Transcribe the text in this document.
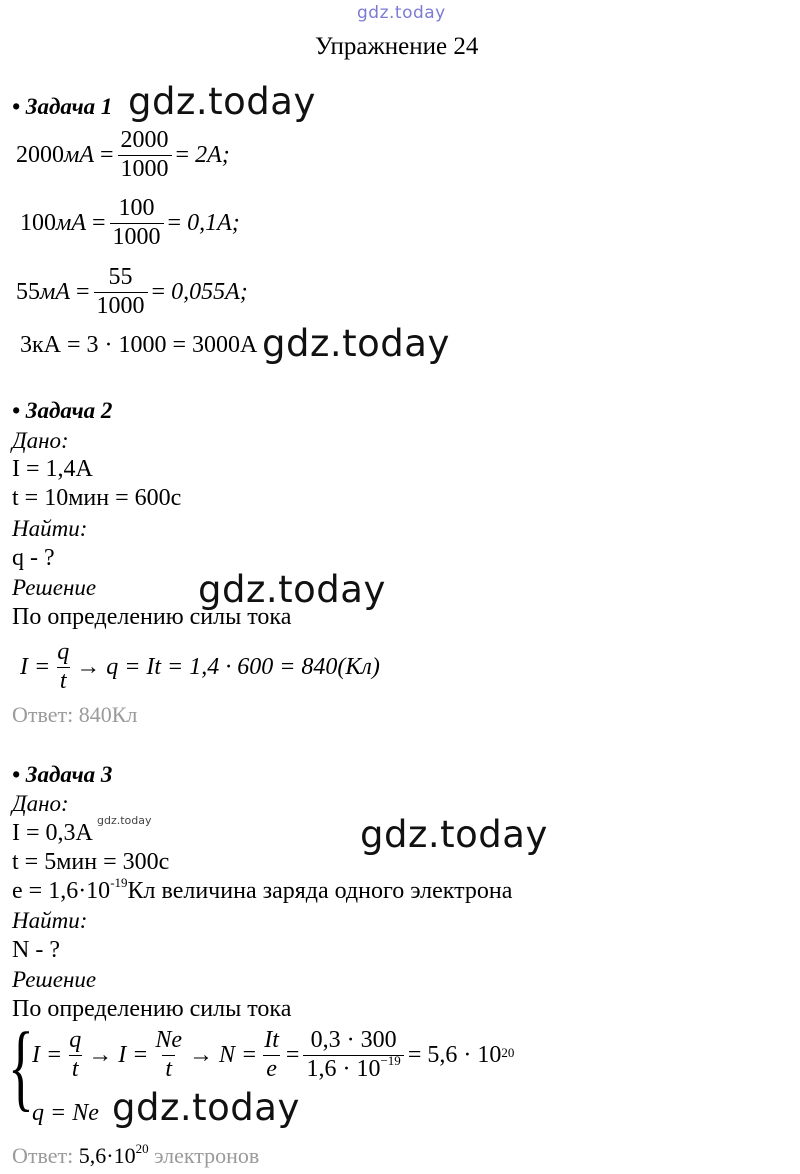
gdz.today
Упражнение 24
• Задача 1 gdz.today
2000 мА = $\frac{2000}{1000} = 2А$;
100 мА = $\frac{100}{1000} = 0,1А$;
55 мА = $\frac{55}{1000} = 0,055А$;
3кА = 3 · 1000 = 3000А gdz.today
• Задача 2
Дано:
I = 1,4А
t = 10мин = 600с
Найти:
q - ?
Решение	gdz.today
По определению силы тока
$I = \frac{q}{t} \to q = It = 1,4 \cdot 600 = 840(Кл)$
Ответ: 840Кл
• Задача 3
Дано:
I = 0,3А gdz.today	gdz.today
t = 5мин = 300с
$e = 1,6\cdot 10^{-19}Кл$ величина заряда одного электрона
Найти:
N - ?
Решение
По определению силы тока
{
$I = \frac{q}{t} \to I = \frac{Ne}{t} \to N = \frac{It}{e} = \frac{0,3 \cdot 300}{1,6 \cdot 10^{-19}} = 5,6 \cdot 10^{20}$
q = Ne gdz.today
Ответ: $5,6\cdot 10^{20}$ электронов
